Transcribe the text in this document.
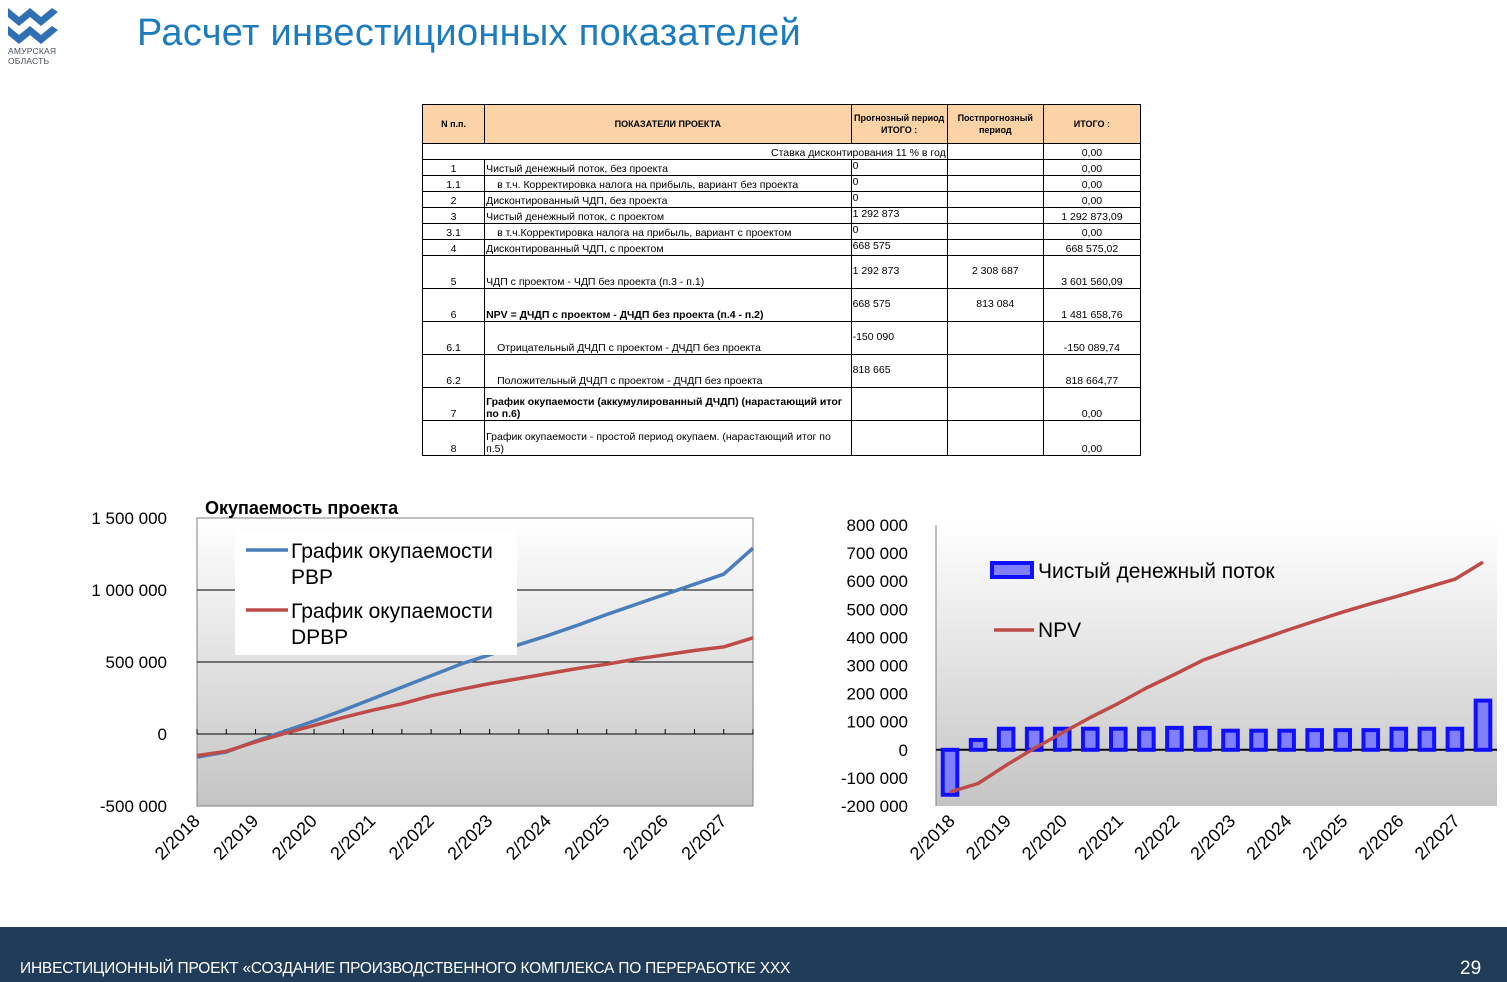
АМУРСКАЯ
ОБЛАСТЬ
Расчет инвестиционных показателей
N п.п.	ПОКАЗАТЕЛИ ПРОЕКТА	Прогнозный период ИТОГО :	Постпрогнозный период	ИТОГО :
Ставка дисконтирования 11 % в год				0,00
1	Чистый денежный поток, без проекта	0		0,00
1.1	в т.ч. Корректировка налога на прибыль, вариант без проекта	0		0,00
2	Дисконтированный ЧДП, без проекта	0		0,00
3	Чистый денежный поток, с проектом	1 292 873		1 292 873,09
3.1	в т.ч.Корректировка налога на прибыль, вариант с проектом	0		0,00
4	Дисконтированный ЧДП, с проектом	668 575		668 575,02
5	ЧДП с проектом - ЧДП без проекта (п.3 - п.1)	1 292 873	2 308 687	3 601 560,09
6	NPV = ДЧДП с проектом - ДЧДП без проекта (п.4 - п.2)	668 575	813 084	1 481 658,76
6.1	Отрицательный ДЧДП с проектом - ДЧДП без проекта	-150 090		-150 089,74
6.2	Положительный ДЧДП с проектом - ДЧДП без проекта	818 665		818 664,77
7	График окупаемости (аккумулированный ДЧДП) (нарастающий итог по п.6)			0,00
8	График окупаемости - простой период окупаем. (нарастающий итог по п.5)			0,00
1 500 000
1 000 000
500 000
0
-500 000
2/2018 2/2019 2/2020 2/2021 2/2022 2/2023 2/2024 2/2025 2/2026 2/2027
Окупаемость проекта
График окупаемости PBP
График окупаемости DPBP
800 000
700 000
600 000
500 000
400 000
300 000
200 000
100 000
0
-100 000
-200 000
2/2018 2/2019 2/2020 2/2021 2/2022 2/2023 2/2024 2/2025 2/2026 2/2027
Чистый денежный поток
NPV
ИНВЕСТИЦИОННЫЙ ПРОЕКТ «СОЗДАНИЕ ПРОИЗВОДСТВЕННОГО КОМПЛЕКСА ПО ПЕРЕРАБОТКЕ ХХХ	29
